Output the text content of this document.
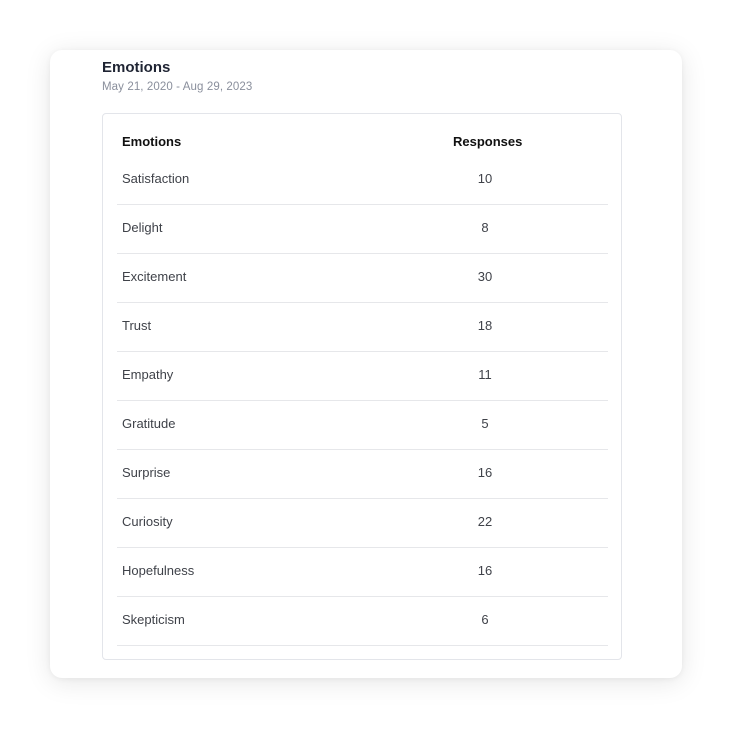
Emotions
May 21, 2020 - Aug 29, 2023
Emotions	Responses
Satisfaction	10
Delight	8
Excitement	30
Trust	18
Empathy	11
Gratitude	5
Surprise	16
Curiosity	22
Hopefulness	16
Skepticism	6
